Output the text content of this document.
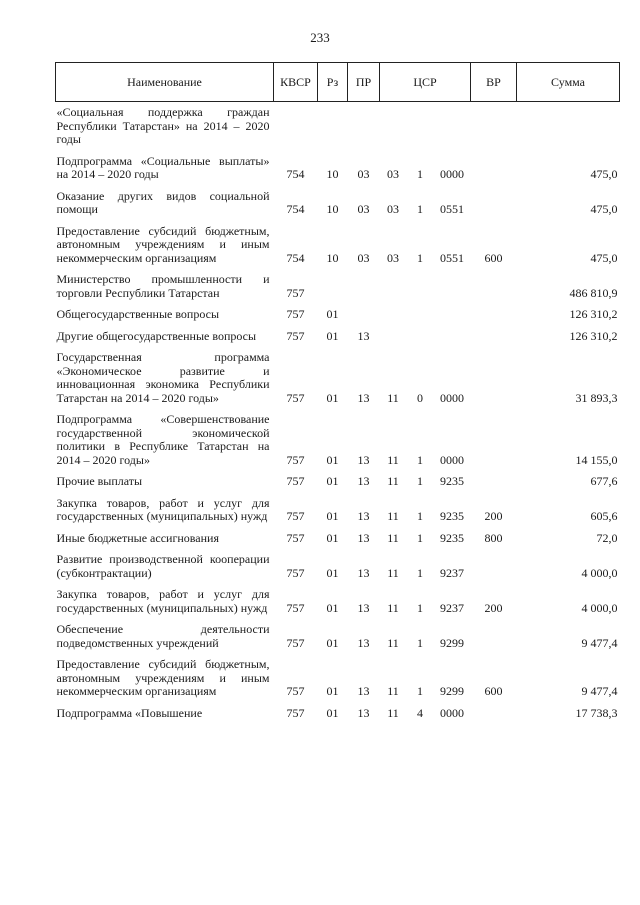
233
Наименование	КВСР	Рз	ПР	ЦСР			ВР	Сумма
«Социальная поддержка граждан Республики Татарстан» на 2014 – 2020 годы								
Подпрограмма «Социальные выплаты» на 2014 – 2020 годы	754	10	03	03	1	0000		475,0
Оказание других видов социальной помощи	754	10	03	03	1	0551		475,0
Предоставление субсидий бюджетным, автономным учреждениям и иным некоммерческим организациям	754	10	03	03	1	0551	600	475,0
Министерство промышленности и торговли Республики Татарстан	757							486 810,9
Общегосударственные вопросы	757	01						126 310,2
Другие общегосударственные вопросы	757	01	13					126 310,2
Государственная программа «Экономическое развитие и инновационная экономика Республики Татарстан на 2014 – 2020 годы»	757	01	13	11	0	0000		31 893,3
Подпрограмма «Совершенствование государственной экономической политики в Республике Татарстан на 2014 – 2020 годы»	757	01	13	11	1	0000		14 155,0
Прочие выплаты	757	01	13	11	1	9235		677,6
Закупка товаров, работ и услуг для государственных (муниципальных) нужд	757	01	13	11	1	9235	200	605,6
Иные бюджетные ассигнования	757	01	13	11	1	9235	800	72,0
Развитие производственной кооперации (субконтрактации)	757	01	13	11	1	9237		4 000,0
Закупка товаров, работ и услуг для государственных (муниципальных) нужд	757	01	13	11	1	9237	200	4 000,0
Обеспечение деятельности подведомственных учреждений	757	01	13	11	1	9299		9 477,4
Предоставление субсидий бюджетным, автономным учреждениям и иным некоммерческим организациям	757	01	13	11	1	9299	600	9 477,4
Подпрограмма «Повышение	757	01	13	11	4	0000		17 738,3
